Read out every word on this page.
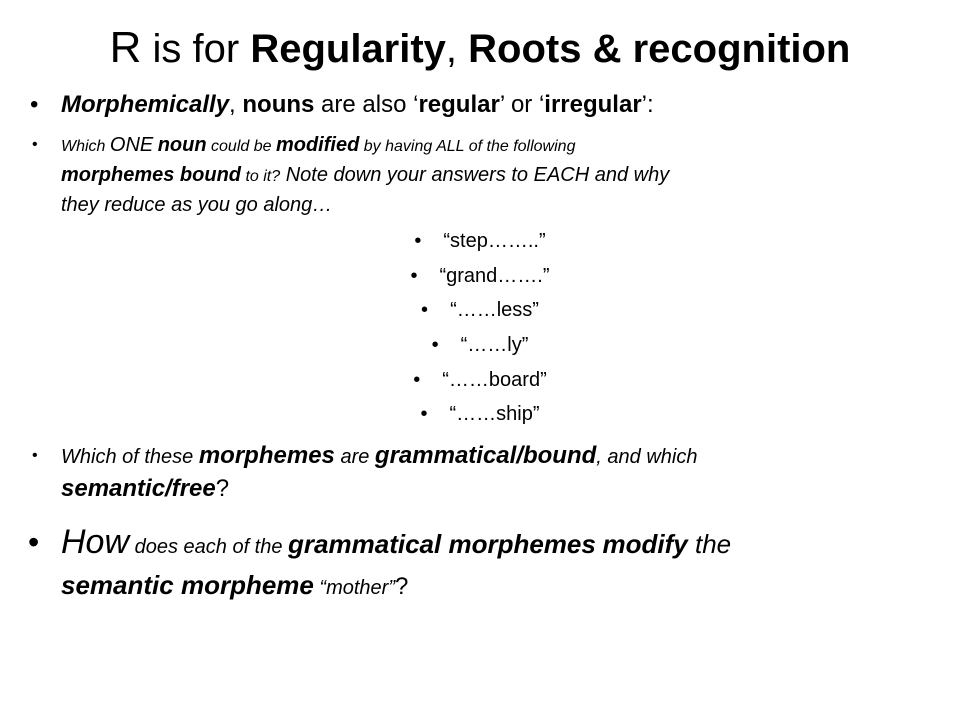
R is for Regularity, Roots & recognition
• Morphemically, nouns are also ‘regular’ or ‘irregular’:
• Which ONE noun could be modified by having ALL of the following
morphemes bound to it? Note down your answers to EACH and why
they reduce as you go along…
• “step……..”
• “grand…….”
• “……less”
• “……ly”
• “……board”
• “……ship”
• Which of these morphemes are grammatical/bound, and which
semantic/free?
• How does each of the grammatical morphemes modify the
semantic morpheme “mother”?
